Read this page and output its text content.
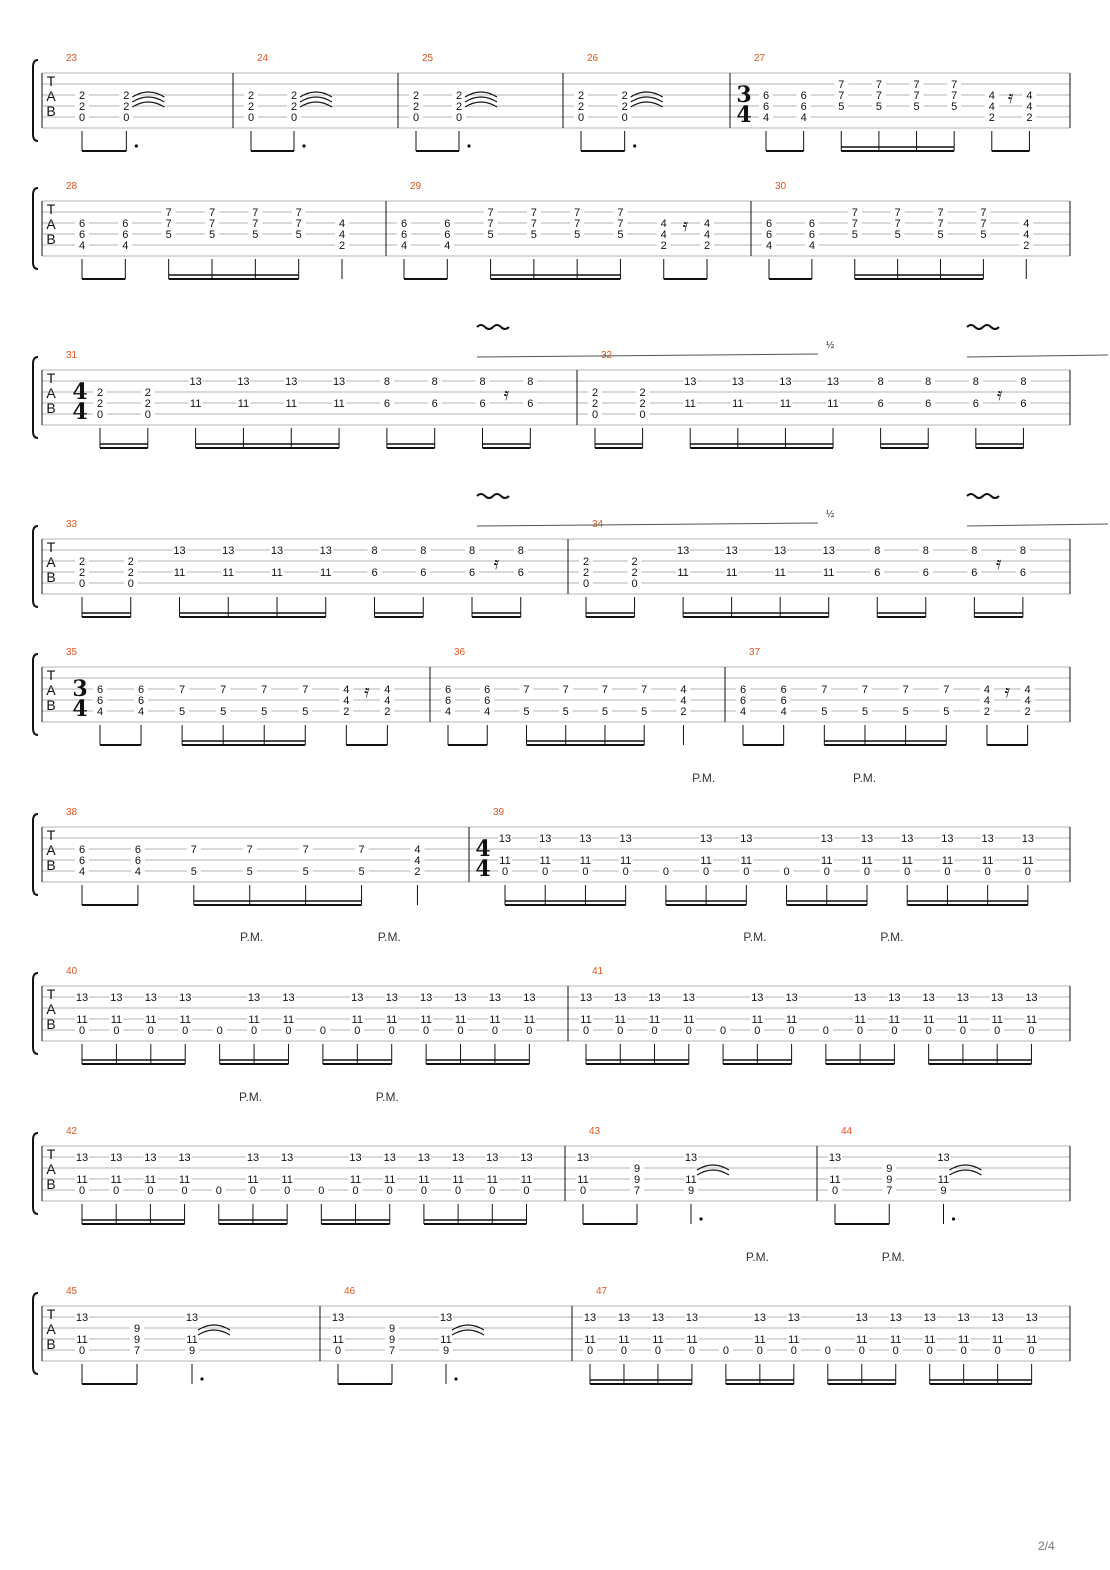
T
A
B
23
2
2
0
2
2
0
24
2
2
0
2
2
0
25
2
2
0
2
2
0
26
2
2
0
2
2
0
27
3
4
6
6
4
6
6
4
7
7
5
7
7
5
7
7
5
7
7
5
4
4
2
4
4
2
𝄿
T
A
B
28
6
6
4
6
6
4
7
7
5
7
7
5
7
7
5
7
7
5
4
4
2
29
6
6
4
6
6
4
7
7
5
7
7
5
7
7
5
7
7
5
4
4
2
4
4
2
𝄿
30
6
6
4
6
6
4
7
7
5
7
7
5
7
7
5
7
7
5
4
4
2
T
A
B
31
4
4
2
2
0
2
2
0
13
11
13
11
13
11
13
11
8
6
8
6
8
6
8
6
𝄿	2
2
0
2
2
0
13
11
13
11
13
11
13
11
8
6
8
6
8
6
8
6
𝄿
½
T
A
B
33
2
2
0
2
2
0
13
11
13
11
13
11
13
11
8
6
8
6
8
6
8
6
𝄿	2
2
0
2
2
0
13
11
13
11
13
11
13
11
8
6
8
6
8
6
8
6
𝄿
½
T
A
B
35
3
4
6
6
4
6
6
4
7
5
7
5
7
5
7
5
4
4
2
4
4
2
𝄿
36
6
6
4
6
6
4
7
5
7
5
7
5
7
5
4
4
2
37
6
6
4
6
6
4
7
5
7
5
7
5
7
5
4
4
2
4
4
2
𝄿
T
A
B
38
6
6
4
6
6
4
7
5
7
5
7
5
7
5
4
4
2
39
4
4
13
11
0
13
11
0
13
11
0
13
11
0	0
13
11
0
13
11
0	0
13
11
0
13
11
0
13
11
0
13
11
0
13
11
0
13
11
0
P.M.	P.M.
T
A
B
40
13
11
0
13
11
0
13
11
0
13
11
0	0
13
11
0
13
11
0	0
13
11
0
13
11
0
13
11
0
13
11
0
13
11
0
13
11
0
P.M.	P.M.
41
13
11
0
13
11
0
13
11
0
13
11
0	0
13
11
0
13
11
0	0
13
11
0
13
11
0
13
11
0
13
11
0
13
11
0
13
11
0
P.M.	P.M.
T
A
B
42
13
11
0
13
11
0
13
11
0
13
11
0	0
13
11
0
13
11
0	0
13
11
0
13
11
0
13
11
0
13
11
0
13
11
0
13
11
0
P.M.	P.M.
43
13
11
0
9
9
7
13
11
9
44
13
11
0
9
9
7
13
11
9
T
A
B
45
13
11
0
9
9
7
13
11
9
46
13
11
0
9
9
7
13
11
9
47
13
11
0
13
11
0
13
11
0
13
11
0	0
13
11
0
13
11
0	0
13
11
0
13
11
0
13
11
0
13
11
0
13
11
0
13
11
0
P.M.	P.M.
2/4
